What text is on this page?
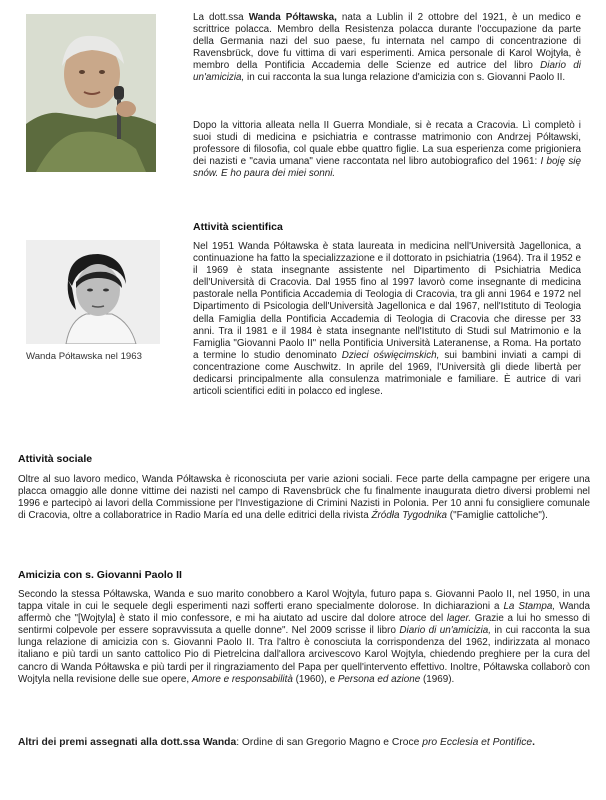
La dott.ssa Wanda Półtawska, nata a Lublin il 2 ottobre del 1921, è un medico e scrittrice polacca. Membro della Resistenza polacca durante l'occupazione da parte della Germania nazi del suo paese, fu internata nel campo di concentrazione di Ravensbrück, dove fu vittima di vari esperimenti. Amica personale di Karol Wojtyła, è membro della Pontificia Accademia delle Scienze ed autrice del libro Diario di un'amicizia, in cui racconta la sua lunga relazione d'amicizia con s. Giovanni Paolo II.

Dopo la vittoria alleata nella II Guerra Mondiale, si è recata a Cracovia. Lì completò i suoi studi di medicina e psichiatria e contrasse matrimonio con Andrzej Półtawski, professore di filosofia, col quale ebbe quattro figlie. La sua esperienza come prigioniera dei nazisti e "cavia umana" viene raccontata nel libro autobiografico del 1961: I boję się snów. E ho paura dei miei sonni.

Attività scientifica

Nel 1951 Wanda Półtawska è stata laureata in medicina nell'Università Jagellonica, a continuazione ha fatto la specializzazione e il dottorato in psichiatria (1964). Tra il 1952 e il 1969 è stata insegnante assistente nel Dipartimento di Psichiatria Medica dell'Università di Cracovia. Dal 1955 fino al 1997 lavorò come insegnante di medicina pastorale nella Pontificia Accademia di Teologia di Cracovia, tra gli anni 1964 e 1972 nel Dipartimento di Psicologia dell'Università Jagellonica e dal 1967, nell'Istituto di Teologia della Famiglia della Pontificia Accademia di Teologia di Cracovia che diresse per 33 anni. Tra il 1981 e il 1984 è stata insegnante nell'Istituto di Studi sul Matrimonio e la Famiglia "Giovanni Paolo II" nella Pontificia Università Lateranense, a Roma. Ha portato a termine lo studio denominato Dzieci oświęcimskich, sui bambini inviati a campi di concentrazione come Auschwitz. In aprile del 1969, l'Università gli diede libertà per dedicarsi principalmente alla consulenza matrimoniale e familiare. È autrice di vari articoli scientifici editi in polacco ed inglese.

Wanda Półtawska nel 1963
Attività sociale

Oltre al suo lavoro medico, Wanda Półtawska è riconosciuta per varie azioni sociali. Fece parte della campagne per erigere una placca omaggio alle donne vittime dei nazisti nel campo di Ravensbrück che fu finalmente inaugurata dietro diversi problemi nel 1996 e partecipò ai lavori della Commissione per l'Investigazione di Crimini Nazisti in Polonia. Per 10 anni fu consigliere comunale di Cracovia, oltre a collaboratrice in Radio María ed una delle editrici della rivista Źródła Tygodnika ("Famiglie cattoliche").

Amicizia con s. Giovanni Paolo II

Secondo la stessa Półtawska, Wanda e suo marito conobbero a Karol Wojtyla, futuro papa s. Giovanni Paolo II, nel 1950, in una tappa vitale in cui le sequele degli esperimenti nazi sofferti erano specialmente dolorose. In dichiarazioni a La Stampa, Wanda affermò che "[Wojtyla] è stato il mio confessore, e mi ha aiutato ad uscire dal dolore atroce del lager. Grazie a lui ho smesso di sentirmi colpevole per essere sopravvissuta a quelle donne". Nel 2009 scrisse il libro Diario di un'amicizia, in cui racconta la sua lunga relazione di amicizia con s. Giovanni Paolo II. Tra l'altro è conosciuta la corrispondenza del 1962, indirizzata al monaco italiano e più tardi un santo cattolico Pio di Pietrelcina dall'allora arcivescovo Karol Wojtyla, chiedendo preghiere per la cura del cancro di Wanda Półtawska e più tardi per il ringraziamento del Papa per quell'intervento effettivo. Inoltre, Półtawska collaborò con Wojtyla nella revisione delle sue opere, Amore e responsabilità (1960), e Persona ed azione (1969).

Altri dei premi assegnati alla dott.ssa Wanda: Ordine di san Gregorio Magno e Croce pro Ecclesia et Pontifice.
